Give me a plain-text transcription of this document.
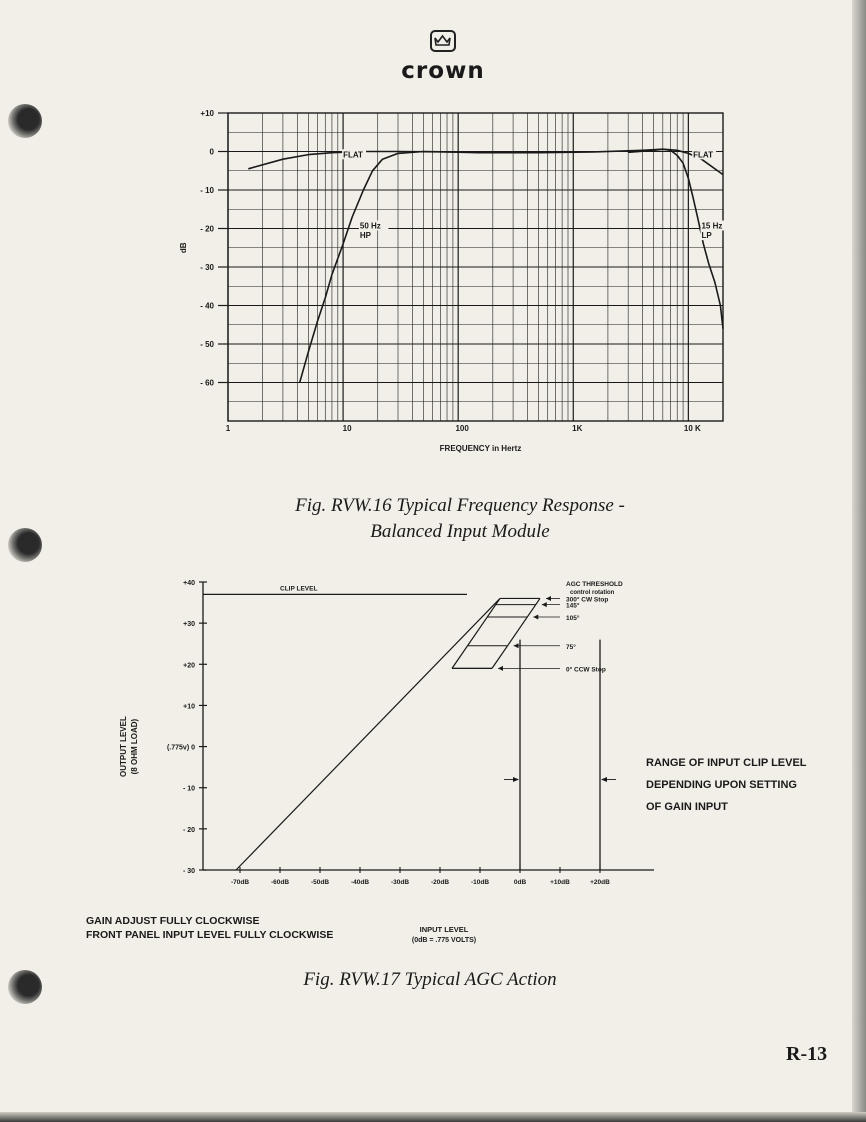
crown
+10
0
- 10
- 20
- 30
- 40
- 50
- 60
1	10	100	1K	10 K
FREQUENCY in Hertz
dB
FLAT	FLAT
50 Hz
HP
15 Hz
LP
Fig. RVW.16 Typical Frequency Response -
Balanced Input Module
+40
+30
+20
+10
(.775v) 0
- 10
- 20
- 30
-70dB	-60dB	-50dB	-40dB	-30dB	-20dB	-10dB	0dB	+10dB	+20dB
OUTPUT LEVEL (8 OHM LOAD)
INPUT LEVEL
(0dB = .775 VOLTS)
CLIP LEVEL
AGC THRESHOLD
control rotation
300° CW Stop
145°
105°
75°
0° CCW Stop
RANGE OF INPUT CLIP LEVEL
DEPENDING UPON SETTING
OF GAIN INPUT
GAIN ADJUST FULLY CLOCKWISE
FRONT PANEL INPUT LEVEL FULLY CLOCKWISE
Fig. RVW.17 Typical AGC Action
R-13
